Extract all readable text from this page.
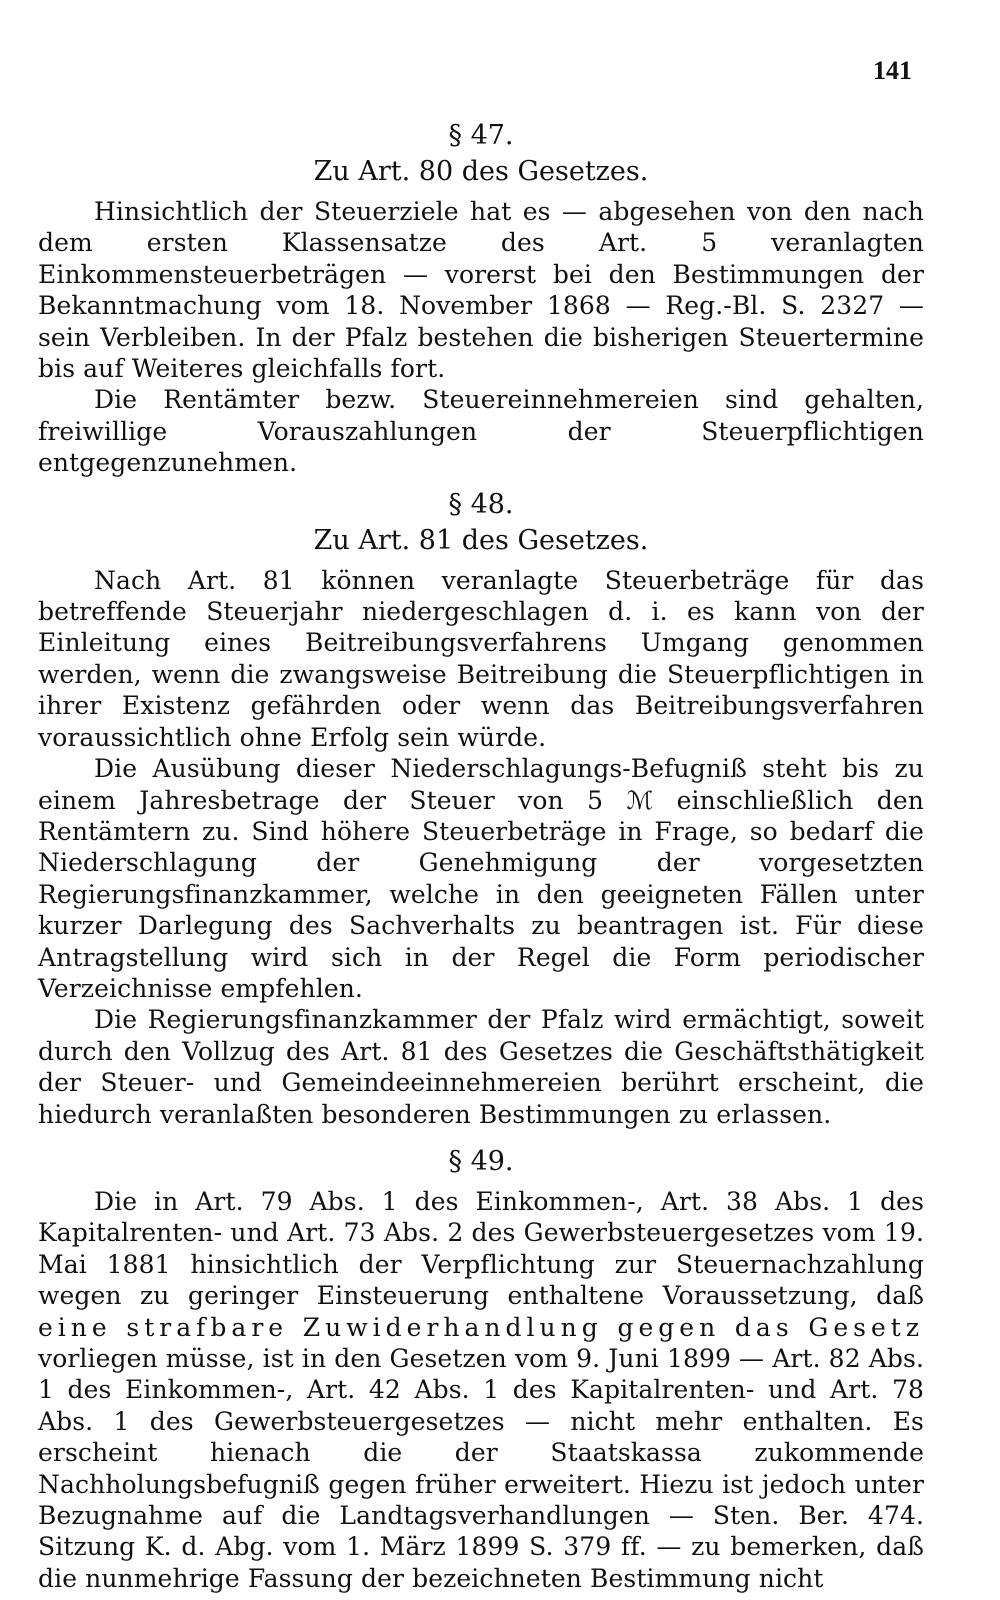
141

§ 47.

Zu Art. 80 des Gesetzes.

Hinsichtlich der Steuerziele hat es — abgesehen von den nach dem ersten Klassensatze des Art. 5 veranlagten Einkommensteuerbeträgen — vorerst bei den Bestimmungen der Bekanntmachung vom 18. November 1868 — Reg.-Bl. S. 2327 — sein Verbleiben. In der Pfalz bestehen die bisherigen Steuertermine bis auf Weiteres gleichfalls fort.

Die Rentämter bezw. Steuereinnehmereien sind gehalten, freiwillige Vorauszahlungen der Steuerpflichtigen entgegenzunehmen.

§ 48.

Zu Art. 81 des Gesetzes.

Nach Art. 81 können veranlagte Steuerbeträge für das betreffende Steuerjahr niedergeschlagen d. i. es kann von der Einleitung eines Beitreibungsverfahrens Umgang genommen werden, wenn die zwangsweise Beitreibung die Steuerpflichtigen in ihrer Existenz gefährden oder wenn das Beitreibungsverfahren voraussichtlich ohne Erfolg sein würde.

Die Ausübung dieser Niederschlagungs-Befugniß steht bis zu einem Jahresbetrage der Steuer von 5 ℳ einschließlich den Rentämtern zu. Sind höhere Steuerbeträge in Frage, so bedarf die Niederschlagung der Genehmigung der vorgesetzten Regierungsfinanzkammer, welche in den geeigneten Fällen unter kurzer Darlegung des Sachverhalts zu beantragen ist. Für diese Antragstellung wird sich in der Regel die Form periodischer Verzeichnisse empfehlen.

Die Regierungsfinanzkammer der Pfalz wird ermächtigt, soweit durch den Vollzug des Art. 81 des Gesetzes die Geschäftsthätigkeit der Steuer- und Gemeindeeinnehmereien berührt erscheint, die hiedurch veranlaßten besonderen Bestimmungen zu erlassen.

§ 49.

Die in Art. 79 Abs. 1 des Einkommen-, Art. 38 Abs. 1 des Kapitalrenten- und Art. 73 Abs. 2 des Gewerbsteuergesetzes vom 19. Mai 1881 hinsichtlich der Verpflichtung zur Steuernachzahlung wegen zu geringer Einsteuerung enthaltene Voraussetzung, daß eine strafbare Zuwiderhandlung gegen das Gesetz vorliegen müsse, ist in den Gesetzen vom 9. Juni 1899 — Art. 82 Abs. 1 des Einkommen-, Art. 42 Abs. 1 des Kapitalrenten- und Art. 78 Abs. 1 des Gewerbsteuergesetzes — nicht mehr enthalten. Es erscheint hienach die der Staatskassa zukommende Nachholungsbefugniß gegen früher erweitert. Hiezu ist jedoch unter Bezugnahme auf die Landtagsverhandlungen — Sten. Ber. 474. Sitzung K. d. Abg. vom 1. März 1899 S. 379 ff. — zu bemerken, daß die nunmehrige Fassung der bezeichneten Bestimmung nicht
